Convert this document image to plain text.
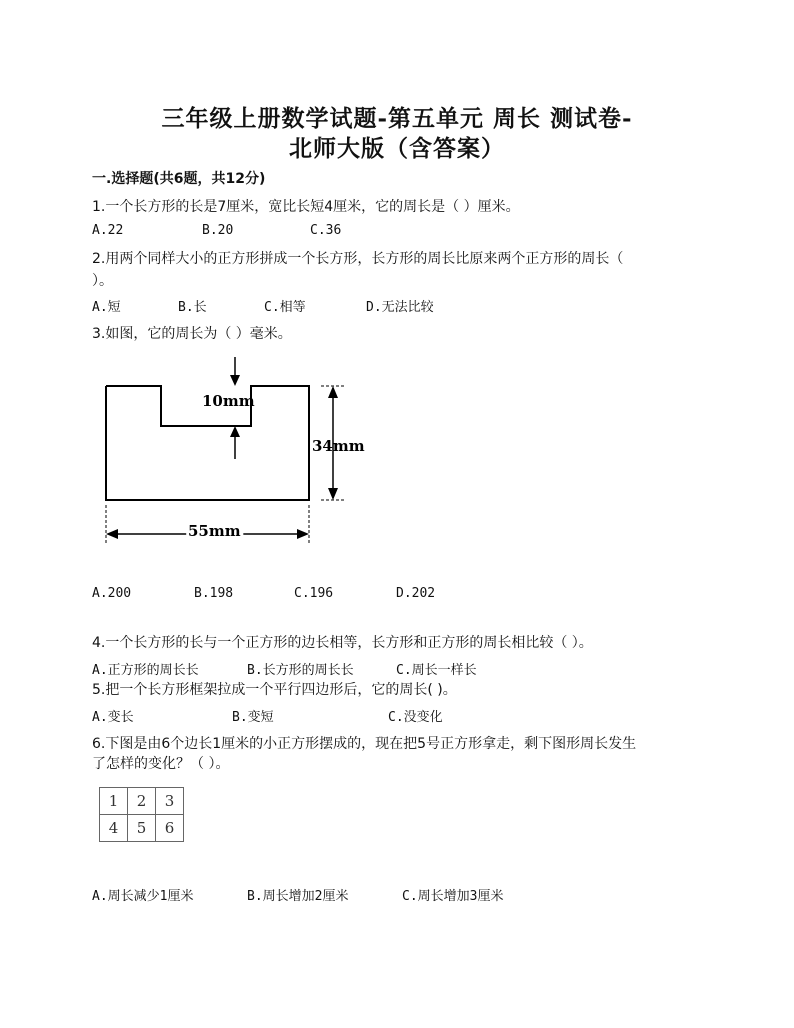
三年级上册数学试题-第五单元 周长 测试卷-
北师大版（含答案）
一.选择题(共6题，共12分)
1.一个长方形的长是7厘米，宽比长短4厘米，它的周长是（ ）厘米。
A.22	B.20	C.36
2.用两个同样大小的正方形拼成一个长方形，长方形的周长比原来两个正方形的周长（
）。
A.短	B.长	C.相等	D.无法比较
3.如图，它的周长为（ ）毫米。
10mm
34mm
55mm
A.200	B.198	C.196	D.202
4.一个长方形的长与一个正方形的边长相等，长方形和正方形的周长相比较（ ）。
A.正方形的周长长	B.长方形的周长长	C.周长一样长
5.把一个长方形框架拉成一个平行四边形后，它的周长( )。
A.变长	B.变短	C.没变化
6.下图是由6个边长1厘米的小正方形摆成的，现在把5号正方形拿走，剩下图形周长发生
了怎样的变化？（ ）。
1	2	3
4	5	6
A.周长减少1厘米	B.周长增加2厘米	C.周长增加3厘米
